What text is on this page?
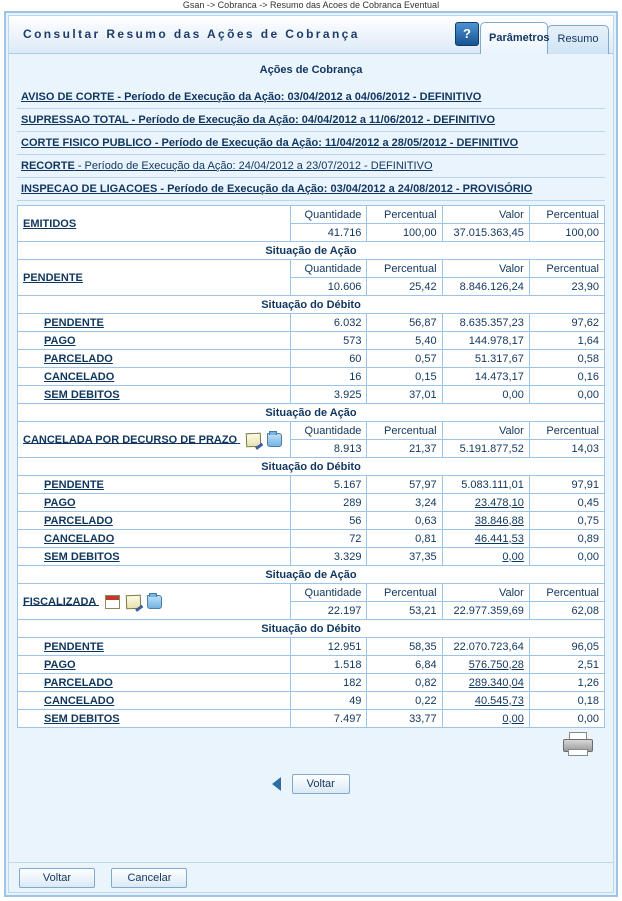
Gsan -> Cobranca -> Resumo das Acoes de Cobranca Eventual
Consultar Resumo das Ações de Cobrança	?	Parâmetros Resumo
Ações de Cobrança
AVISO DE CORTE - Período de Execução da Ação: 03/04/2012 a 04/06/2012 - DEFINITIVO
SUPRESSAO TOTAL - Período de Execução da Ação: 04/04/2012 a 11/06/2012 - DEFINITIVO
CORTE FISICO PUBLICO - Período de Execução da Ação: 11/04/2012 a 28/05/2012 - DEFINITIVO
RECORTE - Período de Execução da Ação: 24/04/2012 a 23/07/2012 - DEFINITIVO
INSPECAO DE LIGACOES - Período de Execução da Ação: 03/04/2012 a 24/08/2012 - PROVISÓRIO
EMITIDOS	Quantidade	Percentual	Valor	Percentual
	41.716	100,00	37.015.363,45	100,00
Situação de Ação				
PENDENTE	Quantidade	Percentual	Valor	Percentual
	10.606	25,42	8.846.126,24	23,90
Situação do Débito				
PENDENTE	6.032	56,87	8.635.357,23	97,62
PAGO	573	5,40	144.978,17	1,64
PARCELADO	60	0,57	51.317,67	0,58
CANCELADO	16	0,15	14.473,17	0,16
SEM DEBITOS	3.925	37,01	0,00	0,00
Situação de Ação				
CANCELADA POR DECURSO DE PRAZO	Quantidade	Percentual	Valor	Percentual
	8.913	21,37	5.191.877,52	14,03
Situação do Débito				
PENDENTE	5.167	57,97	5.083.111,01	97,91
PAGO	289	3,24	23.478,10	0,45
PARCELADO	56	0,63	38.846,88	0,75
CANCELADO	72	0,81	46.441,53	0,89
SEM DEBITOS	3.329	37,35	0,00	0,00
Situação de Ação				
FISCALIZADA	Quantidade	Percentual	Valor	Percentual
	22.197	53,21	22.977.359,69	62,08
Situação do Débito				
PENDENTE	12.951	58,35	22.070.723,64	96,05
PAGO	1.518	6,84	576.750,28	2,51
PARCELADO	182	0,82	289.340,04	1,26
CANCELADO	49	0,22	40.545,73	0,18
SEM DEBITOS	7.497	33,77	0,00	0,00
Voltar
Voltar	Cancelar
